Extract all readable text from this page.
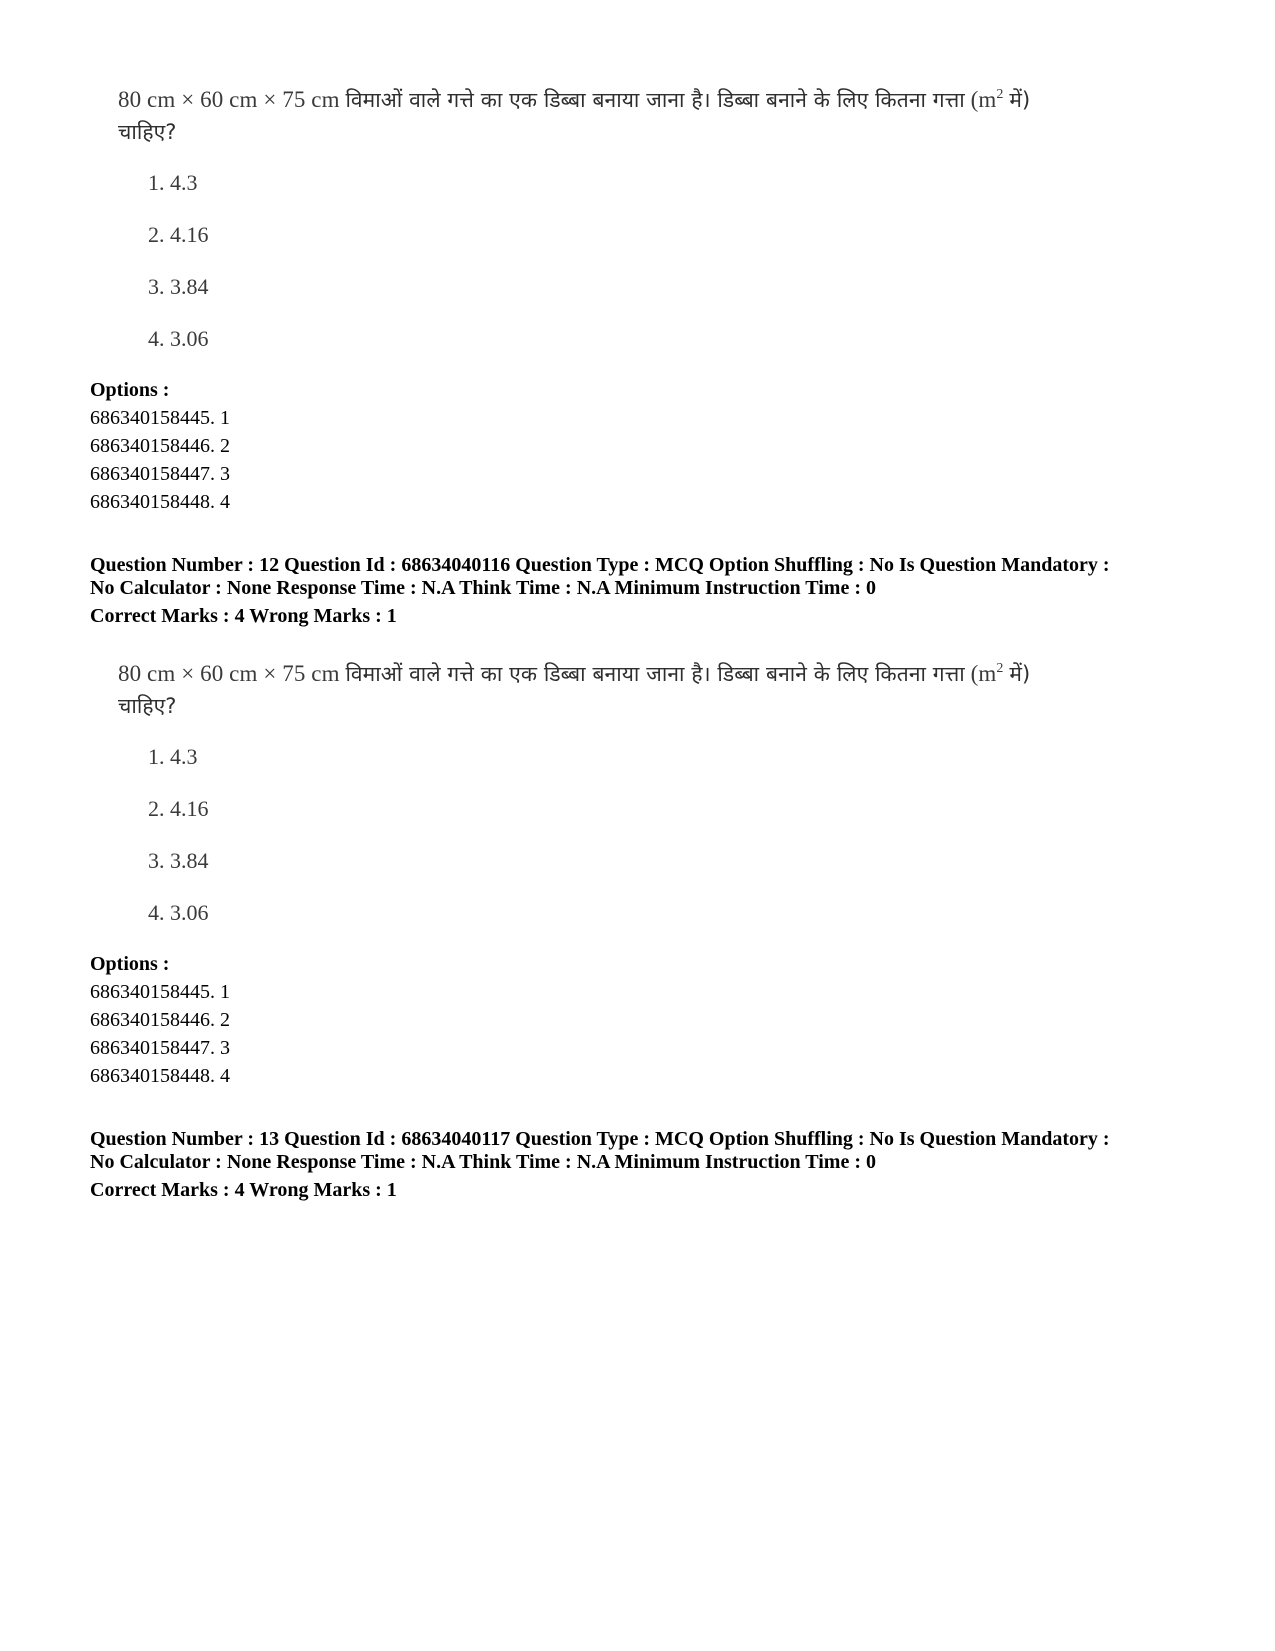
80 cm × 60 cm × 75 cm विमाओं वाले गत्ते का एक डिब्बा बनाया जाना है। डिब्बा बनाने के लिए कितना गत्ता ($m^2$ में)
चाहिए?

1. 4.3
2. 4.16
3. 3.84
4. 3.06
Options :
686340158445. 1
686340158446. 2
686340158447. 3
686340158448. 4
Question Number : 12 Question Id : 68634040116 Question Type : MCQ Option Shuffling : No Is Question Mandatory :
No Calculator : None Response Time : N.A Think Time : N.A Minimum Instruction Time : 0
Correct Marks : 4 Wrong Marks : 1

80 cm × 60 cm × 75 cm विमाओं वाले गत्ते का एक डिब्बा बनाया जाना है। डिब्बा बनाने के लिए कितना गत्ता ($m^2$ में)
चाहिए?

1. 4.3
2. 4.16
3. 3.84
4. 3.06
Options :
686340158445. 1
686340158446. 2
686340158447. 3
686340158448. 4
Question Number : 13 Question Id : 68634040117 Question Type : MCQ Option Shuffling : No Is Question Mandatory :
No Calculator : None Response Time : N.A Think Time : N.A Minimum Instruction Time : 0
Correct Marks : 4 Wrong Marks : 1
